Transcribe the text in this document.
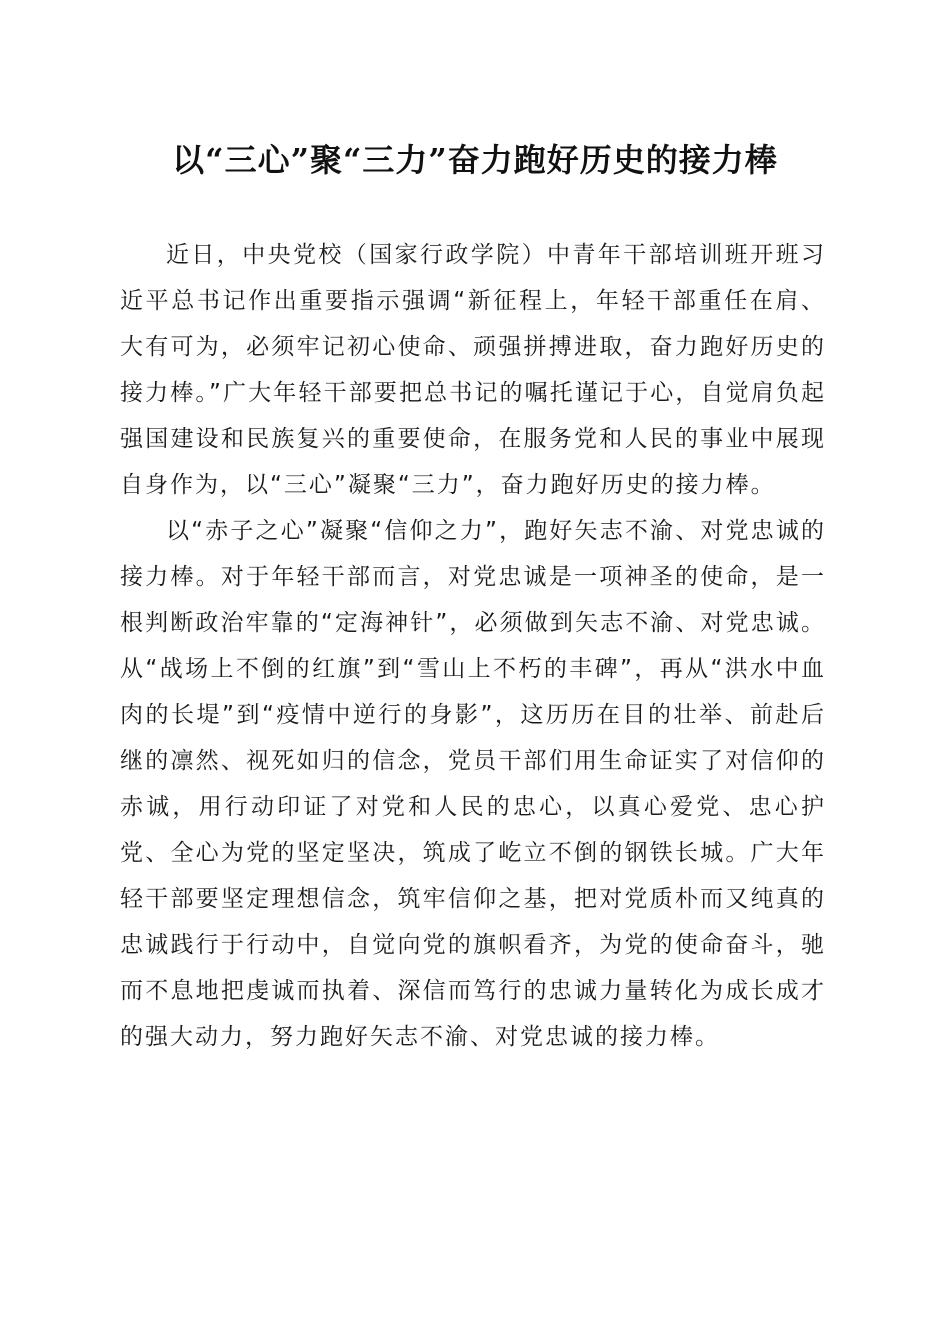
以“三心”聚“三力”奋力跑好历史的接力棒

近日，中央党校（国家行政学院）中青年干部培训班开班习近平总书记作出重要指示强调“新征程上，年轻干部重任在肩、大有可为，必须牢记初心使命、顽强拼搏进取，奋力跑好历史的接力棒。”广大年轻干部要把总书记的嘱托谨记于心，自觉肩负起强国建设和民族复兴的重要使命，在服务党和人民的事业中展现自身作为，以“三心”凝聚“三力”，奋力跑好历史的接力棒。

以“赤子之心”凝聚“信仰之力”，跑好矢志不渝、对党忠诚的接力棒。对于年轻干部而言，对党忠诚是一项神圣的使命，是一根判断政治牢靠的“定海神针”，必须做到矢志不渝、对党忠诚。从“战场上不倒的红旗”到“雪山上不朽的丰碑”，再从“洪水中血肉的长堤”到“疫情中逆行的身影”，这历历在目的壮举、前赴后继的凛然、视死如归的信念，党员干部们用生命证实了对信仰的赤诚，用行动印证了对党和人民的忠心，以真心爱党、忠心护党、全心为党的坚定坚决，筑成了屹立不倒的钢铁长城。广大年轻干部要坚定理想信念，筑牢信仰之基，把对党质朴而又纯真的忠诚践行于行动中，自觉向党的旗帜看齐，为党的使命奋斗，驰而不息地把虔诚而执着、深信而笃行的忠诚力量转化为成长成才的强大动力，努力跑好矢志不渝、对党忠诚的接力棒。
